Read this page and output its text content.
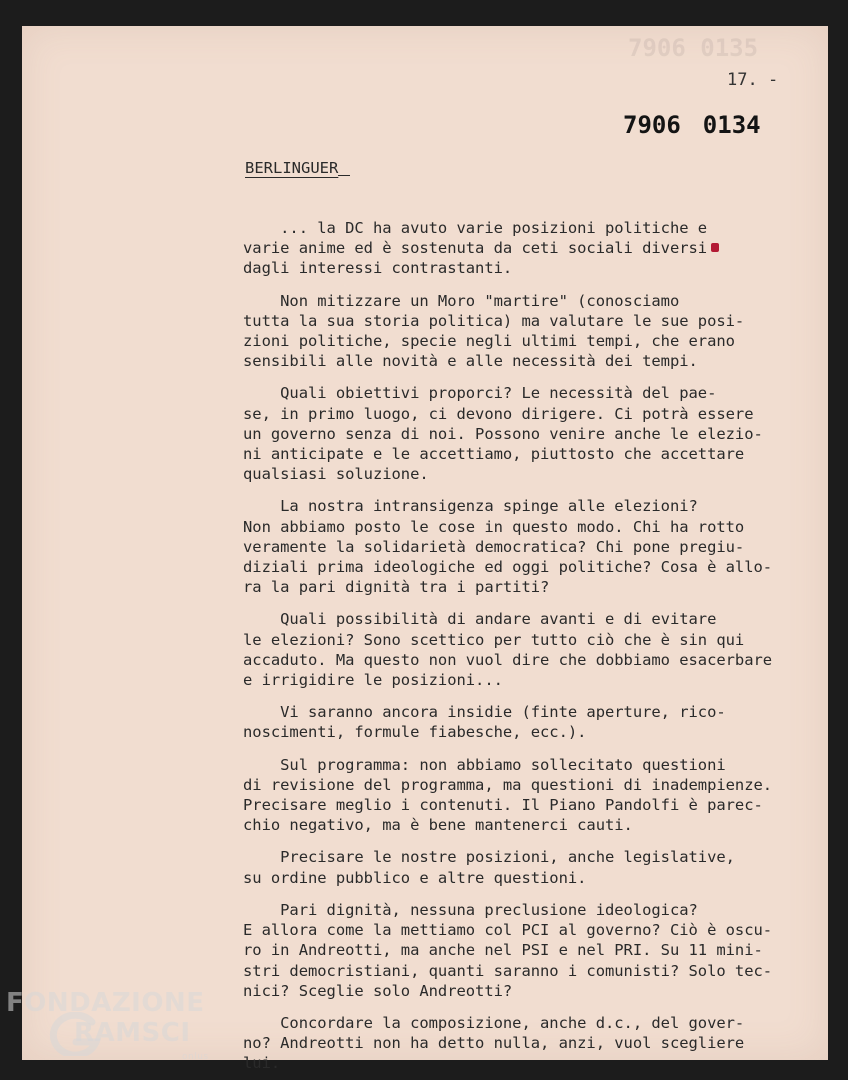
7906 0135
17. -
7906 0134
BERLINGUER
... la DC ha avuto varie posizioni politiche e
varie anime ed è sostenuta da ceti sociali diversi
dagli interessi contrastanti.
Non mitizzare un Moro "martire" (conosciamo
tutta la sua storia politica) ma valutare le sue posi-
zioni politiche, specie negli ultimi tempi, che erano
sensibili alle novità e alle necessità dei tempi.
Quali obiettivi proporci? Le necessità del pae-
se, in primo luogo, ci devono dirigere. Ci potrà essere
un governo senza di noi. Possono venire anche le elezio-
ni anticipate e le accettiamo, piuttosto che accettare
qualsiasi soluzione.
La nostra intransigenza spinge alle elezioni?
Non abbiamo posto le cose in questo modo. Chi ha rotto
veramente la solidarietà democratica? Chi pone pregiu-
diziali prima ideologiche ed oggi politiche? Cosa è allo-
ra la pari dignità tra i partiti?
Quali possibilità di andare avanti e di evitare
le elezioni? Sono scettico per tutto ciò che è sin qui
accaduto. Ma questo non vuol dire che dobbiamo esacerbare
e irrigidire le posizioni...
Vi saranno ancora insidie (finte aperture, rico-
noscimenti, formule fiabesche, ecc.).
Sul programma: non abbiamo sollecitato questioni
di revisione del programma, ma questioni di inadempienze.
Precisare meglio i contenuti. Il Piano Pandolfi è parec-
chio negativo, ma è bene mantenerci cauti.
Precisare le nostre posizioni, anche legislative,
su ordine pubblico e altre questioni.
Pari dignità, nessuna preclusione ideologica?
E allora come la mettiamo col PCI al governo? Ciò è oscu-
ro in Andreotti, ma anche nel PSI e nel PRI. Su 11 mini-
stri democristiani, quanti saranno i comunisti? Solo tec-
nici? Sceglie solo Andreotti?
Concordare la composizione, anche d.c., del gover-
no? Andreotti non ha detto nulla, anzi, vuol scegliere
lui.
FONDAZIONE
RAMSCI
onlus
